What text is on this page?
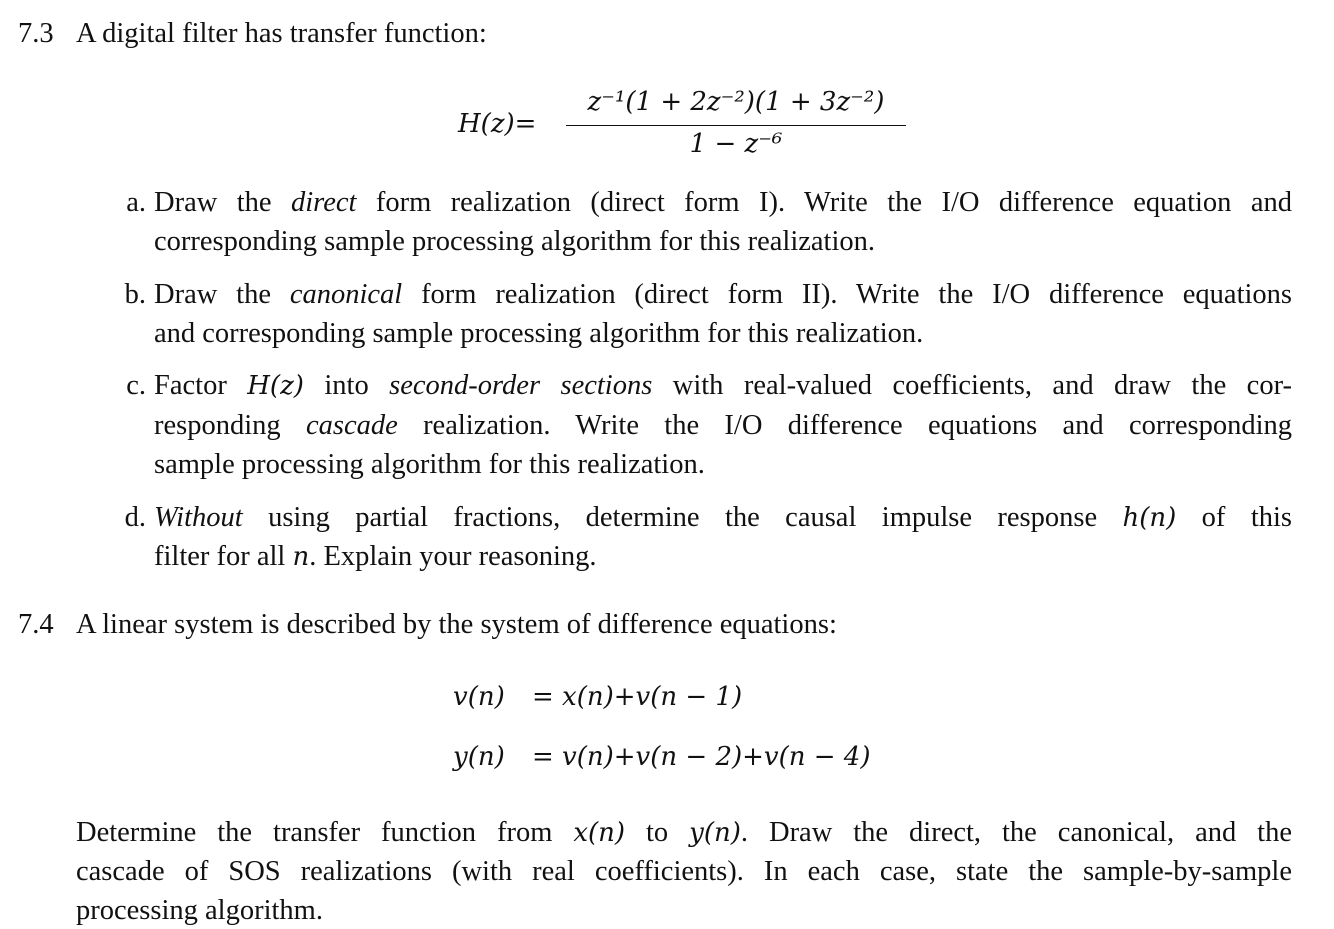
7.3 A digital filter has transfer function:
H(z)=
z⁻¹(1 + 2z⁻²)(1 + 3z⁻²)
1 − z⁻⁶
a. Draw the direct form realization (direct form I). Write the I/O difference equation and
corresponding sample processing algorithm for this realization.
b. Draw the canonical form realization (direct form II). Write the I/O difference equations
and corresponding sample processing algorithm for this realization.
c. Factor H(z) into second-order sections with real-valued coefficients, and draw the cor-
responding cascade realization. Write the I/O difference equations and corresponding
sample processing algorithm for this realization.
d. Without using partial fractions, determine the causal impulse response h(n) of this
filter for all n. Explain your reasoning.
7.4 A linear system is described by the system of difference equations:
v(n) = x(n)+v(n − 1)
y(n) = v(n)+v(n − 2)+v(n − 4)
Determine the transfer function from x(n) to y(n). Draw the direct, the canonical, and the
cascade of SOS realizations (with real coefficients). In each case, state the sample-by-sample
processing algorithm.
